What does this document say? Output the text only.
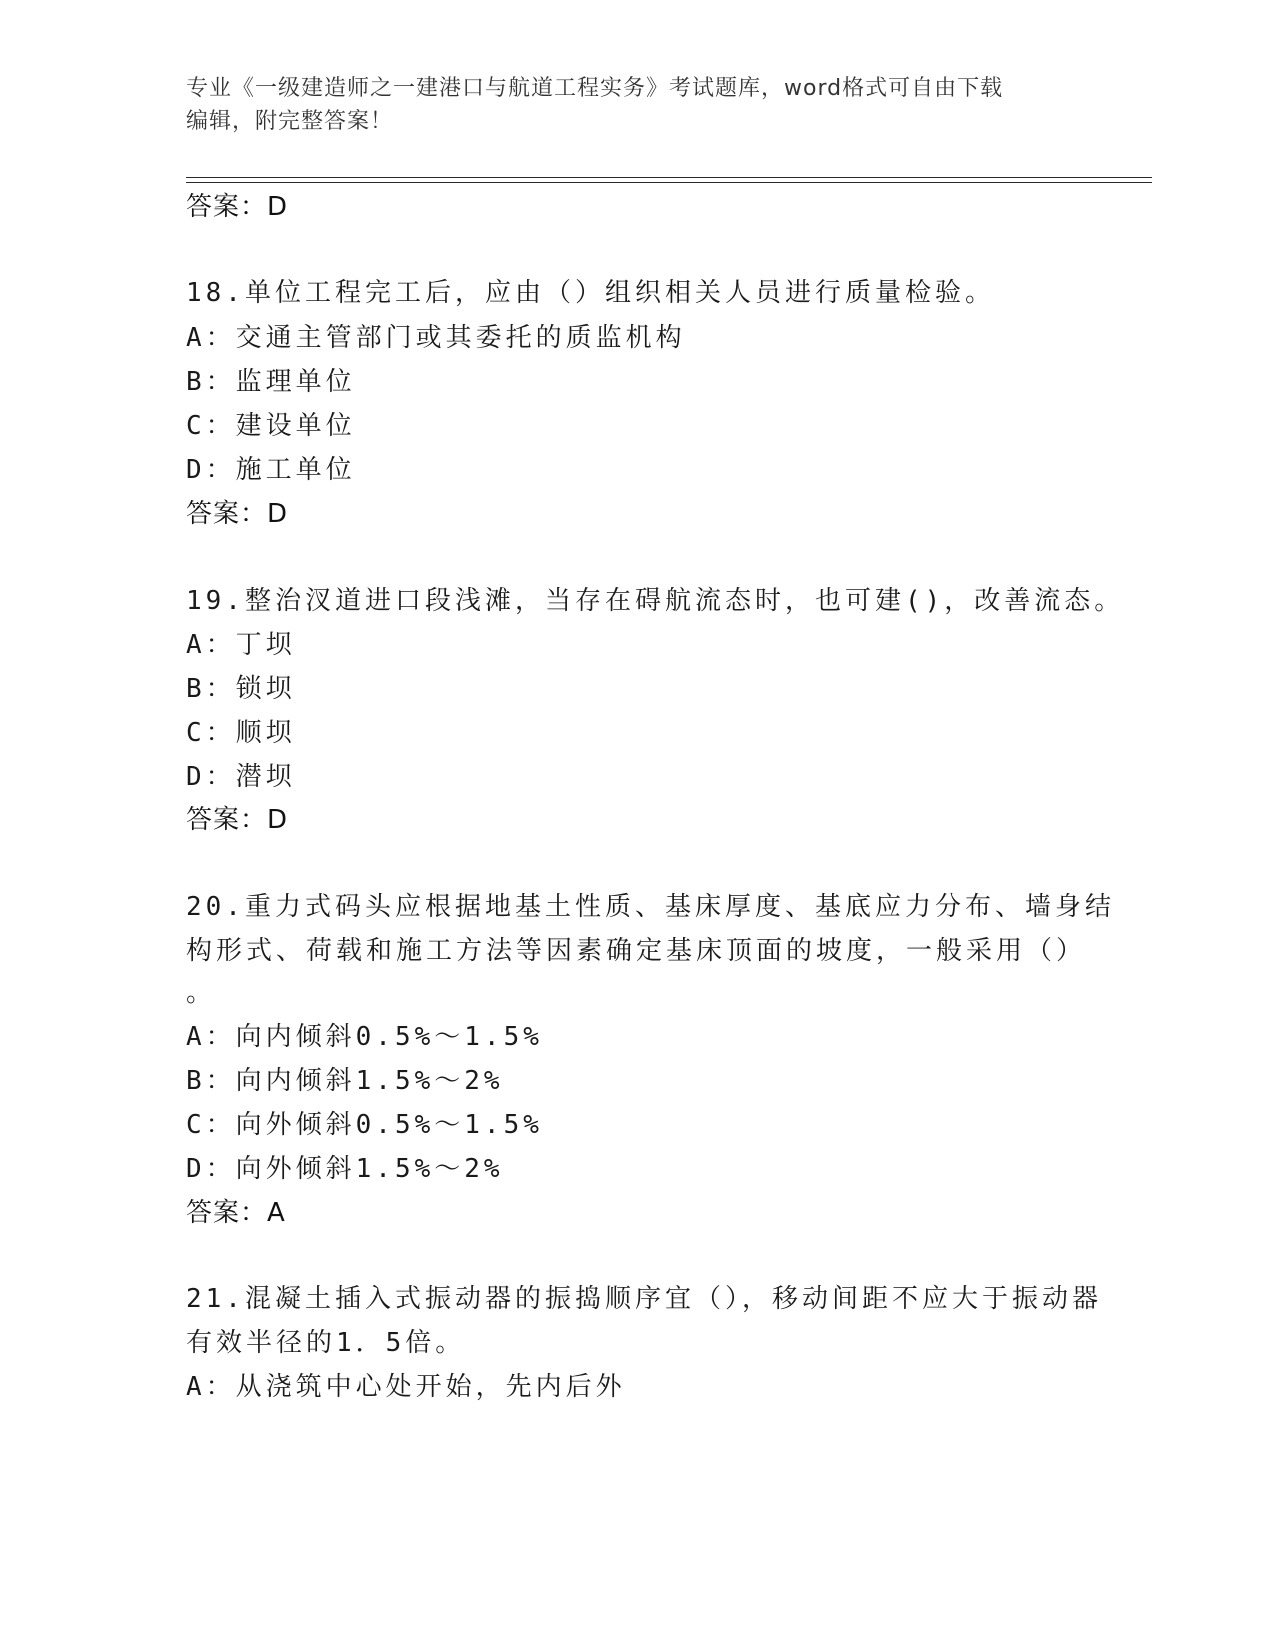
专业《一级建造师之一建港口与航道工程实务》考试题库，word格式可自由下载
编辑，附完整答案！
答案：D
18.单位工程完工后，应由（）组织相关人员进行质量检验。
A：交通主管部门或其委托的质监机构
B：监理单位
C：建设单位
D：施工单位
答案：D
19.整治汊道进口段浅滩，当存在碍航流态时，也可建()，改善流态。
A：丁坝
B：锁坝
C：顺坝
D：潜坝
答案：D
20.重力式码头应根据地基土性质、基床厚度、基底应力分布、墙身结
构形式、荷载和施工方法等因素确定基床顶面的坡度，一般采用（）
。
A：向内倾斜0.5%～1.5%
B：向内倾斜1.5%～2%
C：向外倾斜0.5%～1.5%
D：向外倾斜1.5%～2%
答案：A
21.混凝土插入式振动器的振捣顺序宜（），移动间距不应大于振动器
有效半径的1．5倍。
A：从浇筑中心处开始，先内后外
